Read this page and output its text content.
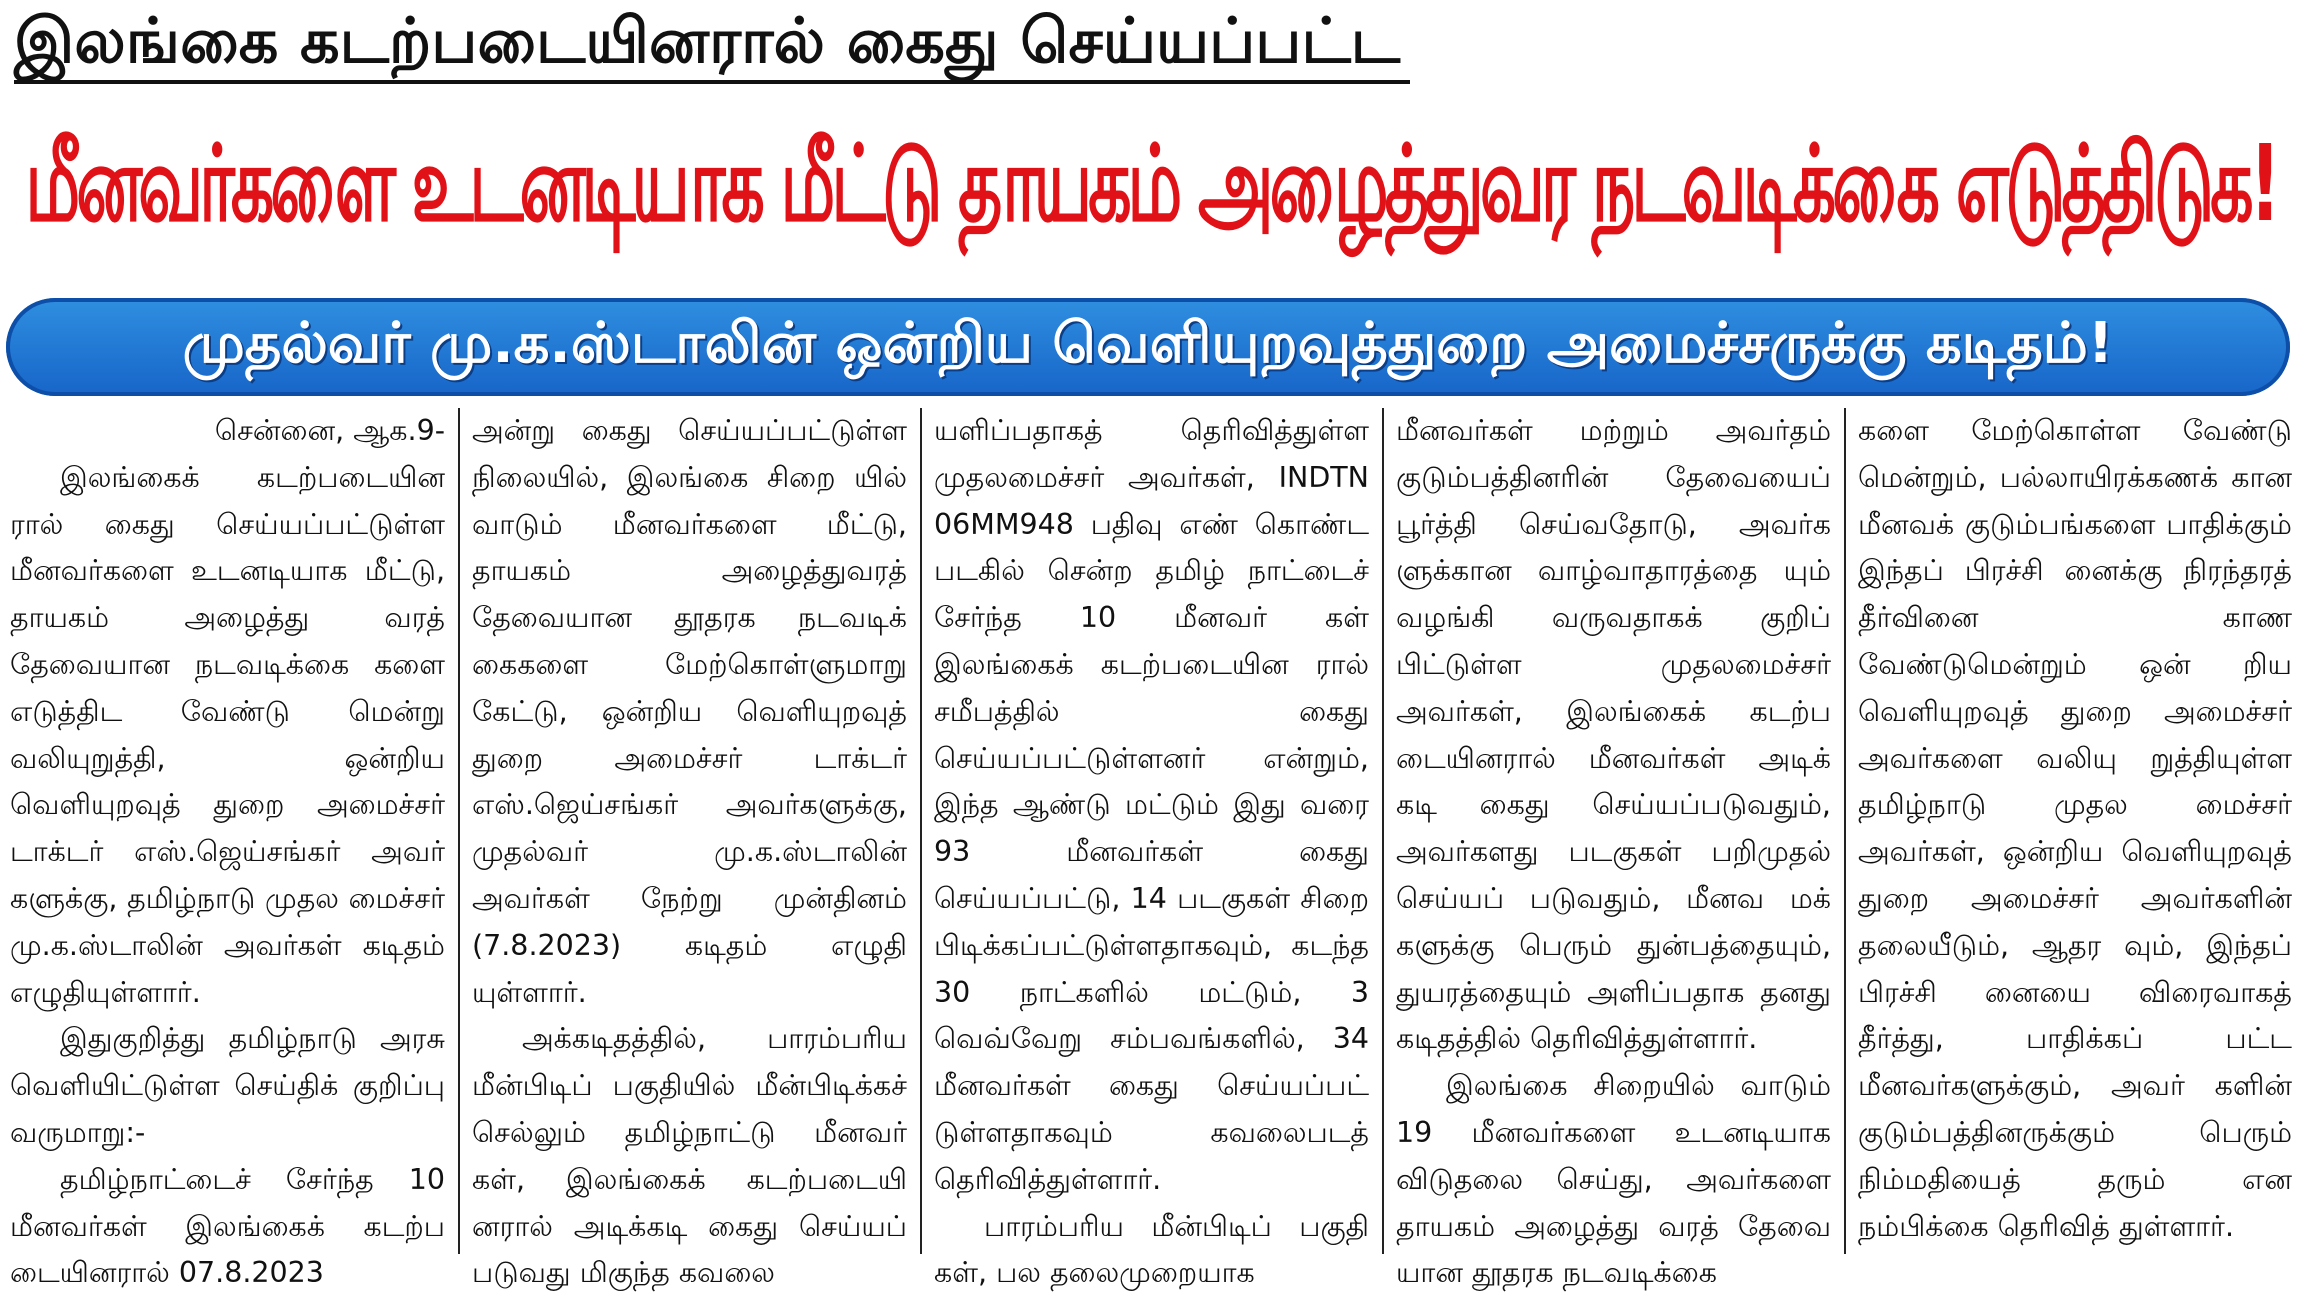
இலங்கை கடற்படையினரால் கைது செய்யப்பட்ட
மீனவர்களை உடனடியாக மீட்டு தாயகம் அழைத்துவர நடவடிக்கை எடுத்திடுக!
முதல்வர் மு.க.ஸ்டாலின் ஒன்றிய வெளியுறவுத்துறை அமைச்சருக்கு கடிதம்!

சென்னை, ஆக.9-

இலங்கைக் கடற்படையின ரால் கைது செய்யப்பட்டுள்ள மீனவர்களை உடனடியாக மீட்டு, தாயகம் அழைத்து வரத் தேவையான நடவடிக்கை களை எடுத்திட வேண்டு மென்று வலியுறுத்தி, ஒன்றிய வெளியுறவுத் துறை அமைச்சர் டாக்டர் எஸ்.ஜெய்சங்கர் அவர் களுக்கு, தமிழ்நாடு முதல மைச்சர் மு.க.ஸ்டாலின் அவர்கள் கடிதம் எழுதியுள்ளார்.

இதுகுறித்து தமிழ்நாடு அரசு வெளியிட்டுள்ள செய்திக் குறிப்பு வருமாறு:-

தமிழ்நாட்டைச் சேர்ந்த 10 மீனவர்கள் இலங்கைக் கடற்ப டையினரால் 07.8.2023

அன்று கைது செய்யப்பட்டுள்ள நிலையில், இலங்கை சிறை யில் வாடும் மீனவர்களை மீட்டு, தாயகம் அழைத்துவரத் தேவையான தூதரக நடவடிக் கைகளை மேற்கொள்ளுமாறு கேட்டு, ஒன்றிய வெளியுறவுத் துறை அமைச்சர் டாக்டர் எஸ்.ஜெய்சங்கர் அவர்களுக்கு, முதல்வர் மு.க.ஸ்டாலின் அவர்கள் நேற்று முன்தினம் (7.8.2023) கடிதம் எழுதி யுள்ளார்.

அக்கடிதத்தில், பாரம்பரிய மீன்பிடிப் பகுதியில் மீன்பிடிக்கச் செல்லும் தமிழ்நாட்டு மீனவர் கள், இலங்கைக் கடற்படையி னரால் அடிக்கடி கைது செய்யப் படுவது மிகுந்த கவலை

யளிப்பதாகத் தெரிவித்துள்ள முதலமைச்சர் அவர்கள், INDTN 06MM948 பதிவு எண் கொண்ட படகில் சென்ற தமிழ் நாட்டைச் சேர்ந்த 10 மீனவர் கள் இலங்கைக் கடற்படையின ரால் சமீபத்தில் கைது செய்யப்பட்டுள்ளனர் என்றும், இந்த ஆண்டு மட்டும் இது வரை 93 மீனவர்கள் கைது செய்யப்பட்டு, 14 படகுகள் சிறை பிடிக்கப்பட்டுள்ளதாகவும், கடந்த 30 நாட்களில் மட்டும், 3 வெவ்வேறு சம்பவங்களில், 34 மீனவர்கள் கைது செய்யப்பட் டுள்ளதாகவும் கவலைபடத் தெரிவித்துள்ளார்.

பாரம்பரிய மீன்பிடிப் பகுதி கள், பல தலைமுறையாக

மீனவர்கள் மற்றும் அவர்தம் குடும்பத்தினரின் தேவையைப் பூர்த்தி செய்வதோடு, அவர்க ளுக்கான வாழ்வாதாரத்தை யும் வழங்கி வருவதாகக் குறிப் பிட்டுள்ள முதலமைச்சர் அவர்கள், இலங்கைக் கடற்ப டையினரால் மீனவர்கள் அடிக் கடி கைது செய்யப்படுவதும், அவர்களது படகுகள் பறிமுதல் செய்யப் படுவதும், மீனவ மக் களுக்கு பெரும் துன்பத்தையும், துயரத்தையும் அளிப்பதாக தனது கடிதத்தில் தெரிவித்துள்ளார்.

இலங்கை சிறையில் வாடும் 19 மீனவர்களை உடனடியாக விடுதலை செய்து, அவர்களை தாயகம் அழைத்து வரத் தேவை யான தூதரக நடவடிக்கை

களை மேற்கொள்ள வேண்டு மென்றும், பல்லாயிரக்கணக் கான மீனவக் குடும்பங்களை பாதிக்கும் இந்தப் பிரச்சி னைக்கு நிரந்தரத் தீர்வினை காண வேண்டுமென்றும் ஒன் றிய வெளியுறவுத் துறை அமைச்சர் அவர்களை வலியு றுத்தியுள்ள தமிழ்நாடு முதல மைச்சர் அவர்கள், ஒன்றிய வெளியுறவுத் துறை அமைச்சர் அவர்களின் தலையீடும், ஆதர வும், இந்தப் பிரச்சி னையை விரைவாகத் தீர்த்து, பாதிக்கப் பட்ட மீனவர்களுக்கும், அவர் களின் குடும்பத்தினருக்கும் பெரும் நிம்மதியைத் தரும் என நம்பிக்கை தெரிவித் துள்ளார்.
